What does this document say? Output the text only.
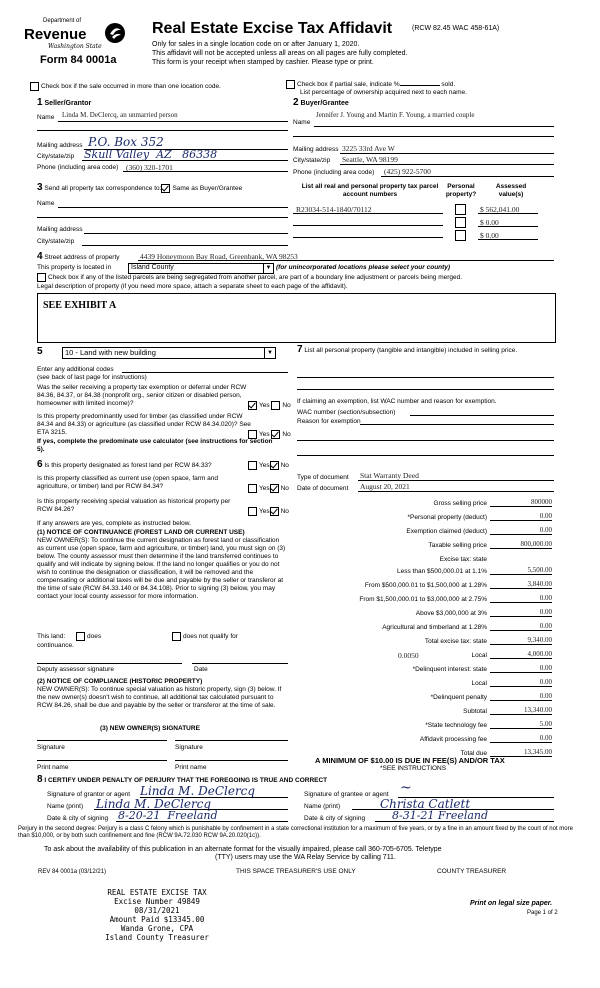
Department of
Revenue
Washington State
Form 84 0001a
Real Estate Excise Tax Affidavit	(RCW 82.45 WAC 458-61A)
Only for sales in a single location code on or after January 1, 2020.
This affidavit will not be accepted unless all areas on all pages are fully completed.
This form is your receipt when stamped by cashier. Please type or print.
Check box if the sale occurred in more than one location code.	Check box if partial sale, indicate %	sold.
List percentage of ownership acquired next to each name.
1 Seller/Grantor
Name Linda M. DeClercq, an unmarried person
Mailing address P.O. Box 352
City/state/zip Skull Valley  AZ   86338
Phone (including area code) (360) 320-1701
2 Buyer/Grantee
Name
Jennifer J. Young and Martin F. Young, a married couple
Mailing address 3225 33rd Ave W
City/state/zip Seattle, WA 98199
Phone (including area code) (425) 922-5700
3 Send all property tax correspondence to: Same as Buyer/Grantee
Name
Mailing address
City/state/zip
List all real and personal property tax parcel account numbers
Personal property?
Assessed value(s)
R23034-514-1840/70112	$ 562,041.00
$ 0.00
$ 0.00
4 Street address of property	4439 Honeymoon Bay Road, Greenbank, WA 98253
This property is located in	Island County	▼ (for unincorporated locations please select your county)
Check box if any of the listed parcels are being segregated from another parcel, are part of a boundary line adjustment or parcels being merged.
Legal description of property (if you need more space, attach a separate sheet to each page of the affidavit).
SEE EXHIBIT A
5	10 - Land with new building	▼
Enter any additional codes
(see back of last page for instructions)
Was the seller receiving a property tax exemption or deferral under RCW 84.36, 84.37, or 84.38 (nonprofit org., senior citizen or disabled person, homeowner with limited income)?	Yes No
Is this property predominantly used for timber (as classified under RCW 84.34 and 84.33) or agriculture (as classified under RCW 84.34.020)? See ETA 3215.	Yes No
If yes, complete the predominate use calculator (see instructions for section 5).
6 Is this property designated as forest land per RCW 84.33?	Yes No
Is this property classified as current use (open space, farm and agriculture, or timber) land per RCW 84.34?	Yes No
Is this property receiving special valuation as historical property per RCW 84.26?	Yes No
If any answers are yes, complete as instructed below.
(1) NOTICE OF CONTINUANCE (FOREST LAND OR CURRENT USE)
NEW OWNER(S): To continue the current designation as forest land or classification as current use (open space, farm and agriculture, or timber) land, you must sign on (3) below. The county assessor must then determine if the land transferred continues to qualify and will indicate by signing below. If the land no longer qualifies or you do not wish to continue the designation or classification, it will be removed and the compensating or additional taxes will be due and payable by the seller or transferor at the time of sale (RCW 84.33.140 or 84.34.108). Prior to signing (3) below, you may contact your local county assessor for more information.
This land:	does	does not qualify for
continuance.
Deputy assessor signature	Date
(2) NOTICE OF COMPLIANCE (HISTORIC PROPERTY)
NEW OWNER(S): To continue special valuation as historic property, sign (3) below. If the new owner(s) doesn't wish to continue, all additional tax calculated pursuant to RCW 84.26, shall be due and payable by the seller or transferor at the time of sale.
(3) NEW OWNER(S) SIGNATURE
Signature	Signature
Print name	Print name
7 List all personal property (tangible and intangible) included in selling price.
If claiming an exemption, list WAC number and reason for exemption.
WAC number (section/subsection)
Reason for exemption
Type of document Stat Warranty Deed
Date of document August 20, 2021
Gross selling price	800000
*Personal property (deduct)	0.00
Exemption claimed (deduct)	0.00
Taxable selling price	800,000.00
Excise tax: state
Less than $500,000.01 at 1.1%	5,500.00
From $500,000.01 to $1,500,000 at 1.28%	3,840.00
From $1,500,000.01 to $3,000,000 at 2.75%	0.00
Above $3,000,000 at 3%	0.00
Agricultural and timberland at 1.28%	0.00
Total excise tax: state	9,340.00
Local	4,000.00
0.0050
*Delinquent interest: state	0.00
Local	0.00
*Delinquent penalty	0.00
Subtotal	13,340.00
*State technology fee	5.00
Affidavit processing fee	0.00
Total due	13,345.00
A MINIMUM OF $10.00 IS DUE IN FEE(S) AND/OR TAX
*SEE INSTRUCTIONS
8 I CERTIFY UNDER PENALTY OF PERJURY THAT THE FOREGOING IS TRUE AND CORRECT
Signature of grantor or agent Linda M. DeClercq
Name (print) Linda M. DeClercq
Date & city of signing 8-20-21  Freeland
Signature of grantee or agent ~
Name (print)	Christa Catlett
Date & city of signing 8-31-21 Freeland
Perjury in the second degree: Perjury is a class C felony which is punishable by confinement in a state correctional institution for a maximum of five years, or by a fine in an amount fixed by the court of not more than $10,000, or by both such confinement and fine (RCW 9A.72.030 RCW 9A.20.020(1c)).
To ask about the availability of this publication in an alternate format for the visually impaired, please call 360-705-6705. Teletype
(TTY) users may use the WA Relay Service by calling 711.
REV 84 0001a (03/12/21)	THIS SPACE TREASURER'S USE ONLY	COUNTY TREASURER
REAL ESTATE EXCISE TAX
Excise Number 49849
08/31/2021
Amount Paid $13345.00
Wanda Grone, CPA
Island County Treasurer
Print on legal size paper.
Page 1 of 2
